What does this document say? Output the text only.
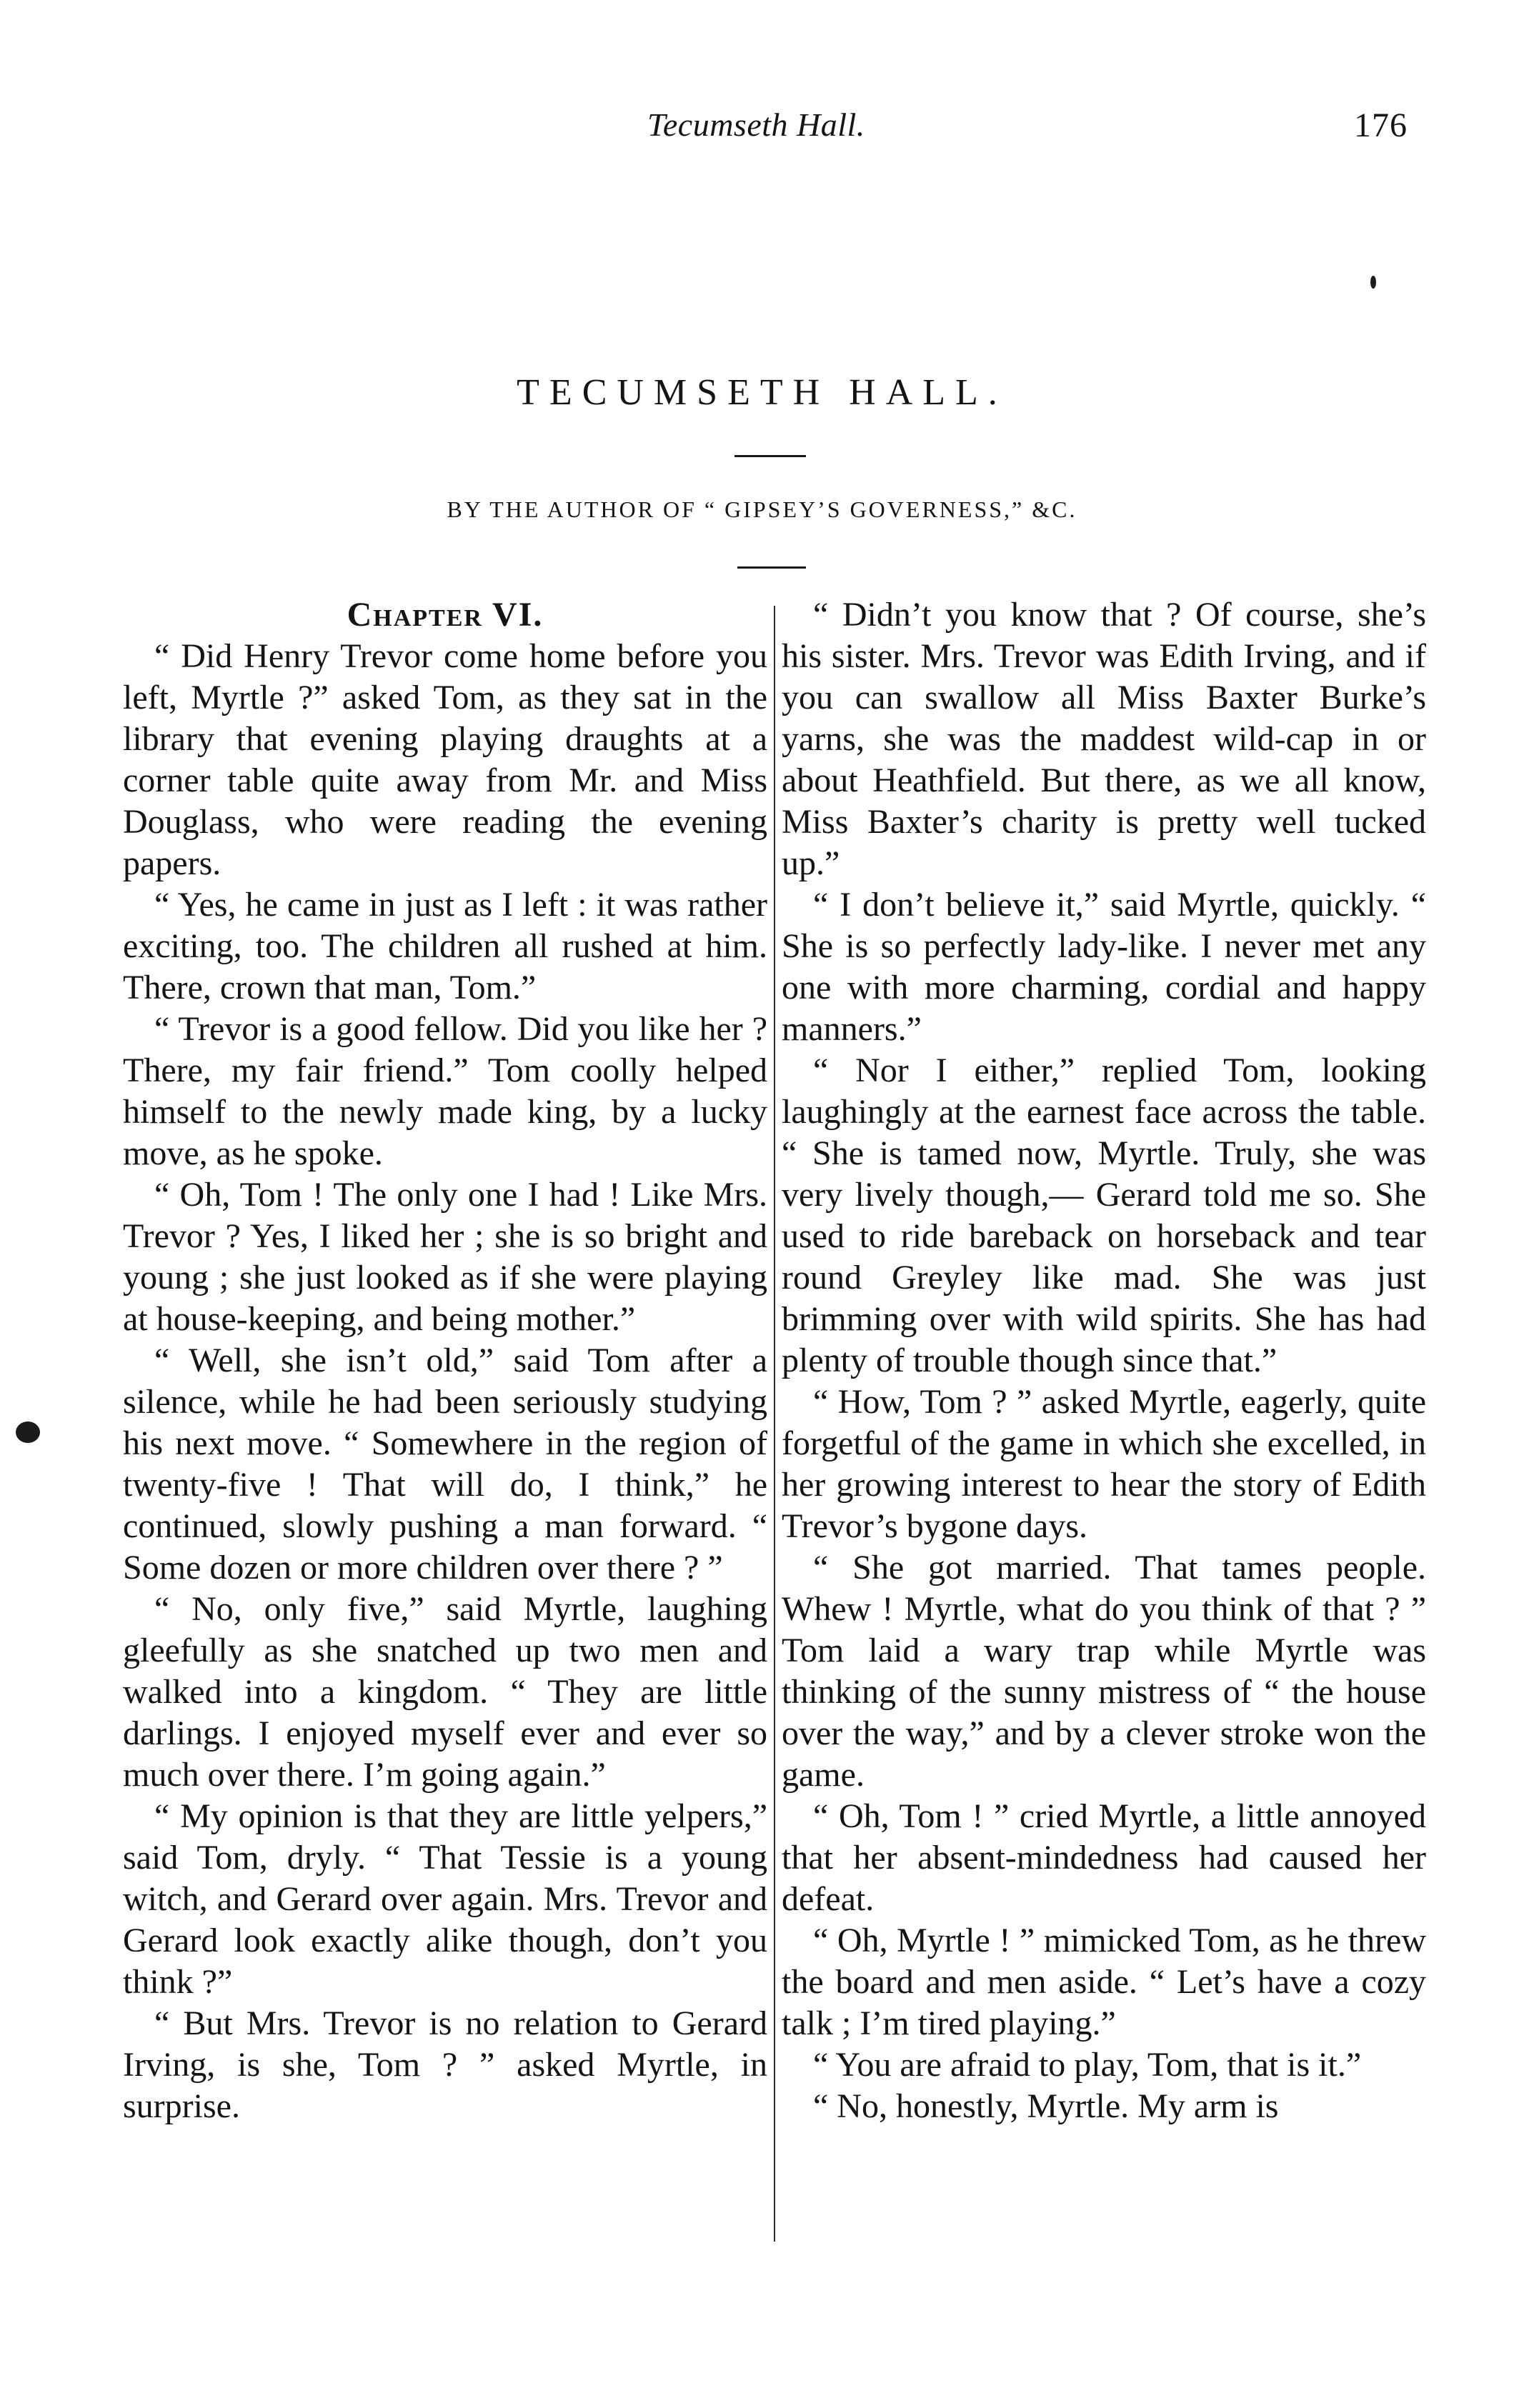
Tecumseth Hall.	176
TECUMSETH HALL.
BY THE AUTHOR OF “ GIPSEY’S GOVERNESS,” &C.
Chapter VI.

“ Did Henry Trevor come home before you left, Myrtle ?” asked Tom, as they sat in the library that evening playing draughts at a corner table quite away from Mr. and Miss Douglass, who were reading the evening papers.

“ Yes, he came in just as I left : it was rather exciting, too. The children all rushed at him. There, crown that man, Tom.”

“ Trevor is a good fellow. Did you like her ? There, my fair friend.” Tom coolly helped himself to the newly made king, by a lucky move, as he spoke.

“ Oh, Tom ! The only one I had ! Like Mrs. Trevor ? Yes, I liked her ; she is so bright and young ; she just looked as if she were playing at house-keeping, and being mother.”

“ Well, she isn’t old,” said Tom after a silence, while he had been seriously studying his next move. “ Somewhere in the region of twenty-five ! That will do, I think,” he continued, slowly pushing a man forward. “ Some dozen or more children over there ? ”

“ No, only five,” said Myrtle, laughing gleefully as she snatched up two men and walked into a kingdom. “ They are little darlings. I enjoyed myself ever and ever so much over there. I’m going again.”

“ My opinion is that they are little yelpers,” said Tom, dryly. “ That Tessie is a young witch, and Gerard over again. Mrs. Trevor and Gerard look exactly alike though, don’t you think ?”

“ But Mrs. Trevor is no relation to Gerard Irving, is she, Tom ? ” asked Myrtle, in surprise.

“ Didn’t you know that ? Of course, she’s his sister. Mrs. Trevor was Edith Irving, and if you can swallow all Miss Baxter Burke’s yarns, she was the maddest wild-cap in or about Heathfield. But there, as we all know, Miss Baxter’s charity is pretty well tucked up.”

“ I don’t believe it,” said Myrtle, quickly. “ She is so perfectly lady-like. I never met any one with more charming, cordial and happy manners.”

“ Nor I either,” replied Tom, looking laughingly at the earnest face across the table. “ She is tamed now, Myrtle. Truly, she was very lively though,— Gerard told me so. She used to ride bareback on horseback and tear round Greyley like mad. She was just brimming over with wild spirits. She has had plenty of trouble though since that.”

“ How, Tom ? ” asked Myrtle, eagerly, quite forgetful of the game in which she excelled, in her growing interest to hear the story of Edith Trevor’s bygone days.

“ She got married. That tames people. Whew ! Myrtle, what do you think of that ? ” Tom laid a wary trap while Myrtle was thinking of the sunny mistress of “ the house over the way,” and by a clever stroke won the game.

“ Oh, Tom ! ” cried Myrtle, a little annoyed that her absent-mindedness had caused her defeat.

“ Oh, Myrtle ! ” mimicked Tom, as he threw the board and men aside. “ Let’s have a cozy talk ; I’m tired playing.”

“ You are afraid to play, Tom, that is it.”

“ No, honestly, Myrtle. My arm is
